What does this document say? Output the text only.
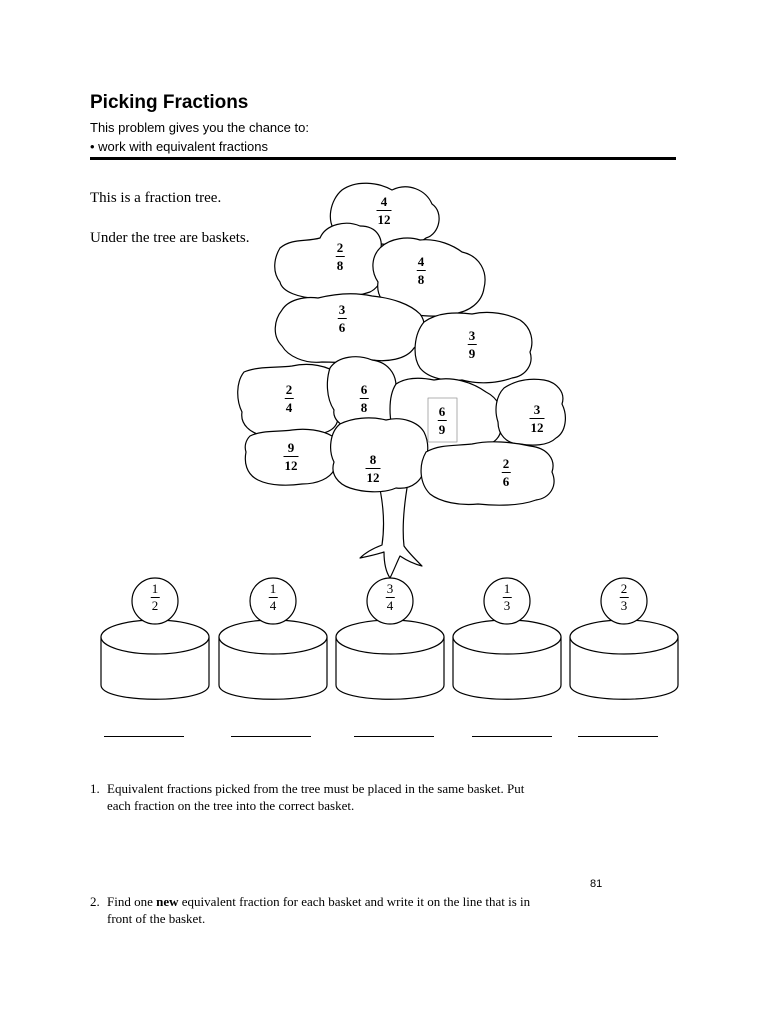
Picking Fractions
This problem gives you the chance to:
• work with equivalent fractions
This is a fraction tree.
Under the tree are baskets.
4
12
2
8	4
8
3
6
3
9
2
4
6
8	6
9
3
12
9
12	8
12
2
6
1
2
1
4
3
4
1
3
2
3
1. Equivalent fractions picked from the tree must be placed in the same basket. Put
each fraction on the tree into the correct basket.
81
2. Find one new equivalent fraction for each basket and write it on the line that is in
front of the basket.
